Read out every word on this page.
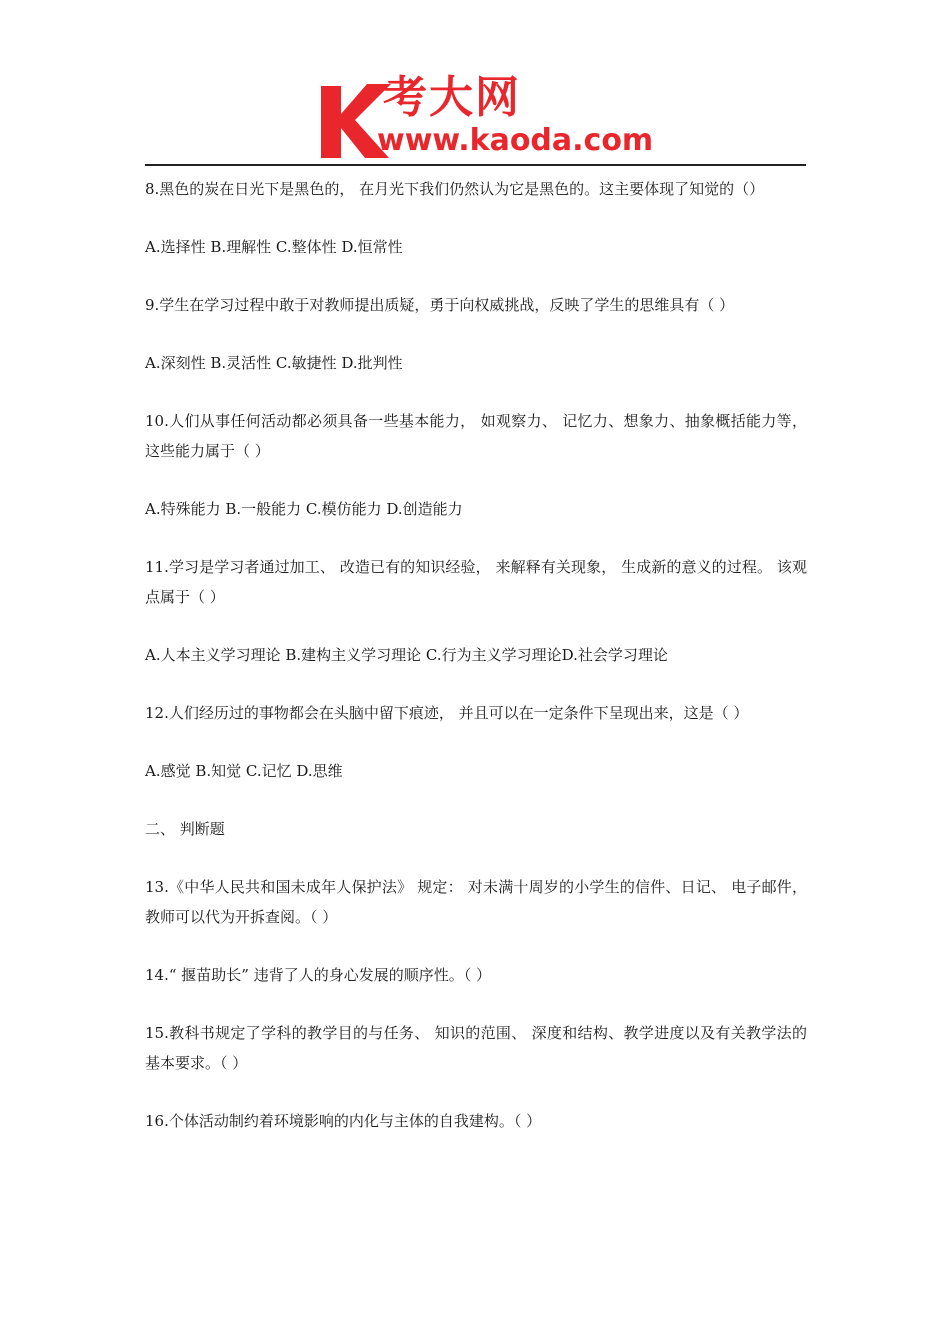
考大网
www.kaoda.com

8.黑色的炭在日光下是黑色的， 在月光下我们仍然认为它是黑色的。这主要体现了知觉的（）

A.选择性 B.理解性 C.整体性 D.恒常性

9.学生在学习过程中敢于对教师提出质疑，勇于向权威挑战，反映了学生的思维具有（ ）

A.深刻性 B.灵活性 C.敏捷性 D.批判性

10.人们从事任何活动都必须具备一些基本能力， 如观察力、 记忆力、想象力、抽象概括能力等， 这些能力属于（ ）

A.特殊能力 B.一般能力 C.模仿能力 D.创造能力

11.学习是学习者通过加工、 改造已有的知识经验， 来解释有关现象， 生成新的意义的过程。 该观点属于（ ）

A.人本主义学习理论 B.建构主义学习理论 C.行为主义学习理论D.社会学习理论

12.人们经历过的事物都会在头脑中留下痕迹， 并且可以在一定条件下呈现出来，这是（ ）

A.感觉 B.知觉 C.记忆 D.思维

二、 判断题

13.《中华人民共和国未成年人保护法》 规定： 对未满十周岁的小学生的信件、日记、 电子邮件， 教师可以代为开拆查阅。（ ）

14.“ 揠苗助长” 违背了人的身心发展的顺序性。（ ）

15.教科书规定了学科的教学目的与任务、 知识的范围、 深度和结构、教学进度以及有关教学法的基本要求。（ ）

16.个体活动制约着环境影响的内化与主体的自我建构。（ ）
